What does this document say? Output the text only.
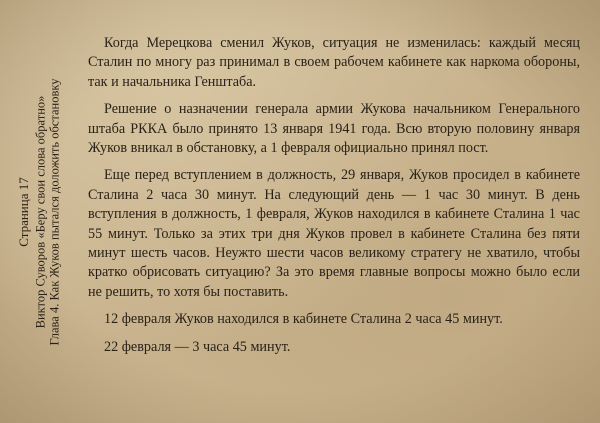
Страница 17 Виктор Суворов «Беру свои слова обратно» Глава 4. Как Жуков пытался доложить обстановку

Когда Мерецкова сменил Жуков, ситуация не изменилась: каждый месяц Сталин по многу раз принимал в своем рабочем кабинете как наркома обороны, так и начальника Генштаба.

Решение о назначении генерала армии Жукова начальником Генерального штаба РККА было принято 13 января 1941 года. Всю вторую половину января Жуков вникал в обстановку, а 1 февраля официально принял пост.

Еще перед вступлением в должность, 29 января, Жуков просидел в кабинете Сталина 2 часа 30 минут. На следующий день — 1 час 30 минут. В день вступления в должность, 1 февраля, Жуков находился в кабинете Сталина 1 час 55 минут. Только за этих три дня Жуков провел в кабинете Сталина без пяти минут шесть часов. Неужто шести часов великому стратегу не хватило, чтобы кратко обрисовать ситуацию? За это время главные вопросы можно было если не решить, то хотя бы поставить.

12 февраля Жуков находился в кабинете Сталина 2 часа 45 минут.

22 февраля — 3 часа 45 минут.
